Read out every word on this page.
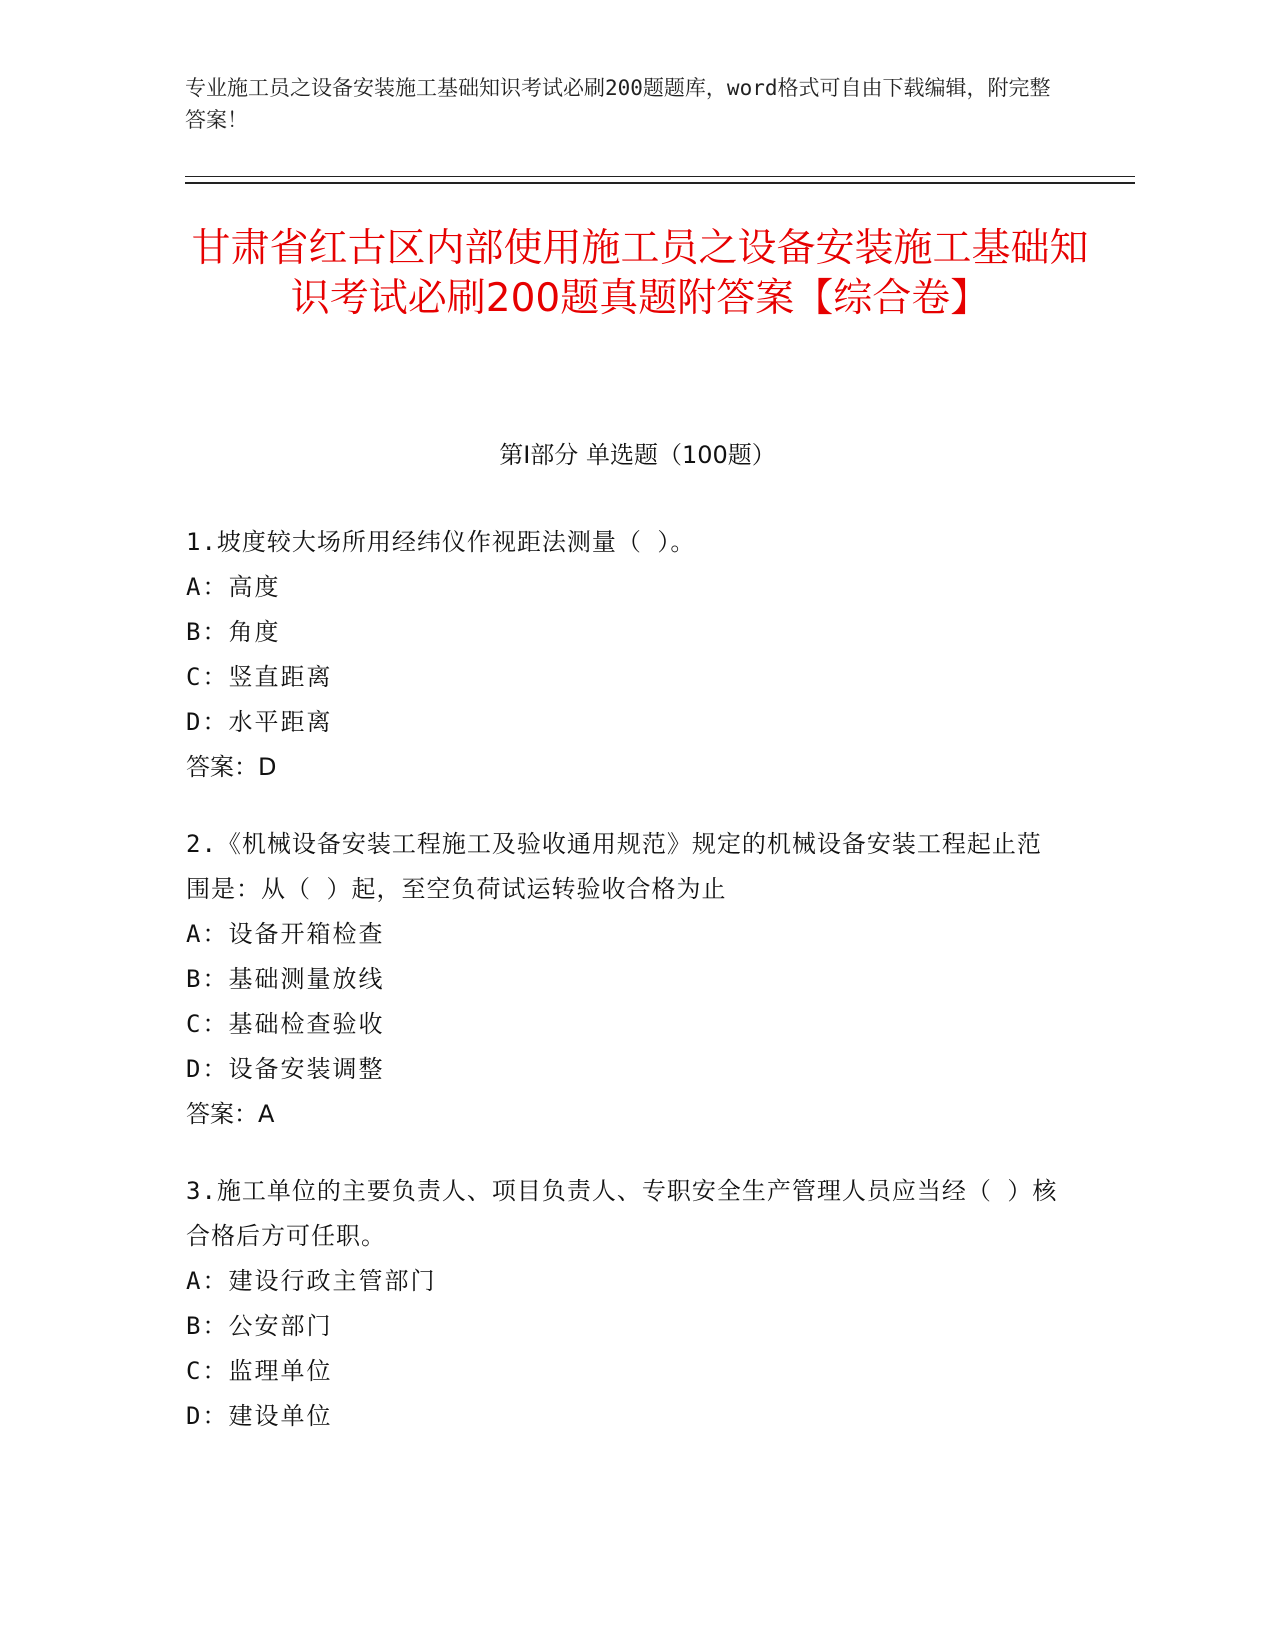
专业施工员之设备安装施工基础知识考试必刷200题题库，word格式可自由下载编辑，附完整答案！
甘肃省红古区内部使用施工员之设备安装施工基础知识考试必刷200题真题附答案【综合卷】
第Ⅰ部分 单选题（100题）
1.坡度较大场所用经纬仪作视距法测量（ ）。
A：高度
B：角度
C：竖直距离
D：水平距离
答案：D
2.《机械设备安装工程施工及验收通用规范》规定的机械设备安装工程起止范围是：从（ ）起，至空负荷试运转验收合格为止
A：设备开箱检查
B：基础测量放线
C：基础检查验收
D：设备安装调整
答案：A
3.施工单位的主要负责人、项目负责人、专职安全生产管理人员应当经（ ）核合格后方可任职。
A：建设行政主管部门
B：公安部门
C：监理单位
D：建设单位
